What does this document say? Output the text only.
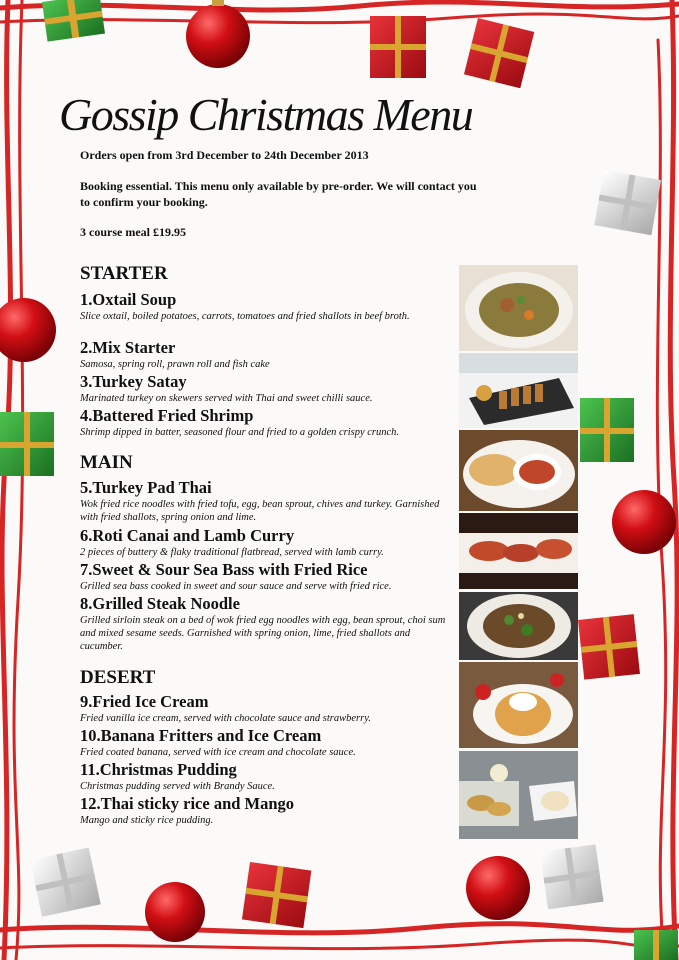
Gossip Christmas Menu
Orders open from 3rd December to 24th December 2013
Booking essential. This menu only available by pre-order. We will contact you to confirm your booking.
3 course meal £19.95
STARTER
1.Oxtail Soup
Slice oxtail, boiled potatoes, carrots, tomatoes and fried shallots in beef broth.
2.Mix Starter
Samosa, spring roll, prawn roll and fish cake
3.Turkey Satay
Marinated turkey on skewers served with Thai and sweet chilli sauce.
4.Battered Fried Shrimp
Shrimp dipped in batter, seasoned flour and fried to a golden crispy crunch.
MAIN
5.Turkey Pad Thai
Wok fried rice noodles with fried tofu, egg, bean sprout, chives and turkey. Garnished with fried shallots, spring onion and lime.
6.Roti Canai and Lamb Curry
2 pieces of buttery & flaky traditional flatbread, served with lamb curry.
7.Sweet & Sour Sea Bass with Fried Rice
Grilled sea bass cooked in sweet and sour sauce and serve with fried rice.
8.Grilled Steak Noodle
Grilled sirloin steak on a bed of wok fried egg noodles with egg, bean sprout, choi sum and mixed sesame seeds. Garnished with spring onion, lime, fried shallots and cucumber.
DESERT
9.Fried Ice Cream
Fried vanilla ice cream, served with chocolate sauce and strawberry.
10.Banana Fritters and Ice Cream
Fried coated banana, served with ice cream and chocolate sauce.
11.Christmas Pudding
Christmas pudding served with Brandy Sauce.
12.Thai sticky rice and Mango
Mango and sticky rice pudding.
